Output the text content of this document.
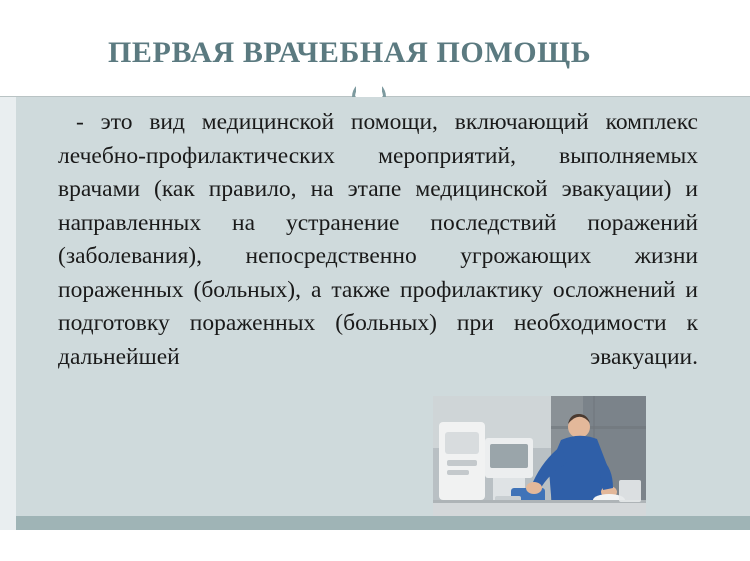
ПЕРВАЯ ВРАЧЕБНАЯ ПОМОЩЬ
- это вид медицинской помощи, включающий комплекс лечебно-профилактических мероприятий, выполняемых врачами (как правило, на этапе медицинской эвакуации) и направленных на устранение последствий поражений (заболевания), непосредственно угрожающих жизни пораженных (больных), а также профилактику осложнений и подготовку пораженных (больных) при необходимости к дальнейшей эвакуации.
